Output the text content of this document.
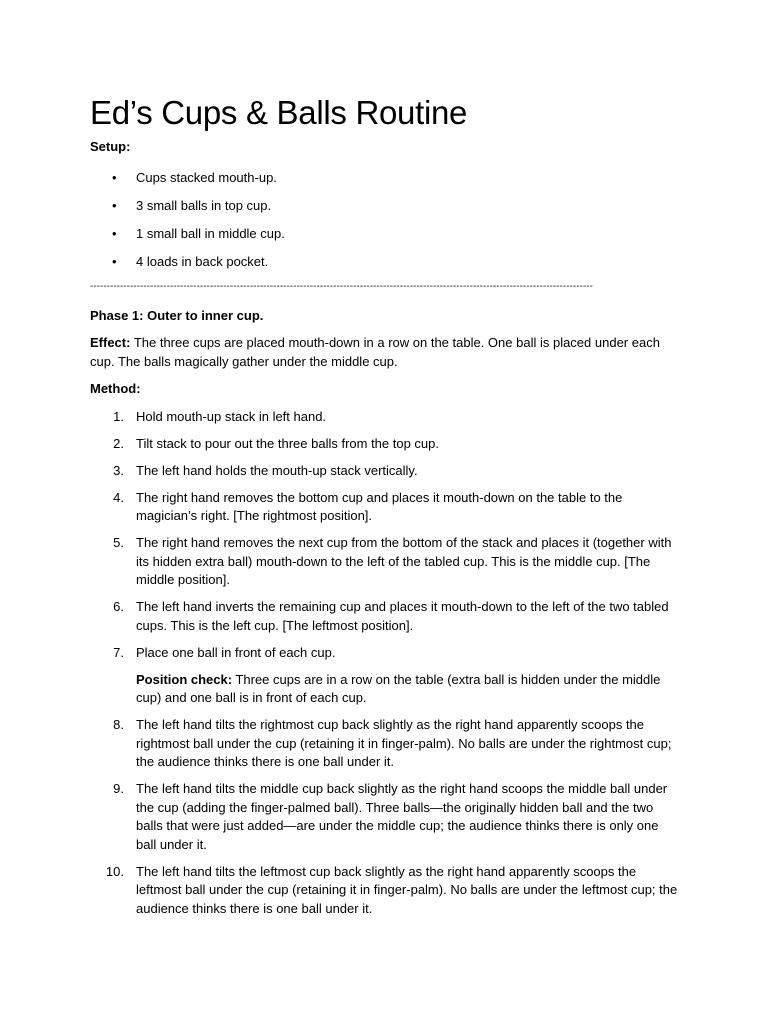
Ed’s Cups & Balls Routine

Setup:

• Cups stacked mouth-up.
• 3 small balls in top cup.
• 1 small ball in middle cup.
• 4 loads in back pocket.
-------------------------------------------------------------------------------------------------------------------------------------------------------

Phase 1: Outer to inner cup.

Effect: The three cups are placed mouth-down in a row on the table. One ball is placed under each cup. The balls magically gather under the middle cup.

Method:

1. Hold mouth-up stack in left hand.
2. Tilt stack to pour out the three balls from the top cup.
3. The left hand holds the mouth-up stack vertically.
4. The right hand removes the bottom cup and places it mouth-down on the table to the magician’s right. [The rightmost position].
5. The right hand removes the next cup from the bottom of the stack and places it (together with its hidden extra ball) mouth-down to the left of the tabled cup. This is the middle cup. [The middle position].
6. The left hand inverts the remaining cup and places it mouth-down to the left of the two tabled cups. This is the left cup. [The leftmost position].
7. Place one ball in front of each cup.

Position check: Three cups are in a row on the table (extra ball is hidden under the middle cup) and one ball is in front of each cup.

8. The left hand tilts the rightmost cup back slightly as the right hand apparently scoops the rightmost ball under the cup (retaining it in finger-palm). No balls are under the rightmost cup; the audience thinks there is one ball under it.
9. The left hand tilts the middle cup back slightly as the right hand scoops the middle ball under the cup (adding the finger-palmed ball). Three balls—the originally hidden ball and the two balls that were just added—are under the middle cup; the audience thinks there is only one ball under it.
10. The left hand tilts the leftmost cup back slightly as the right hand apparently scoops the leftmost ball under the cup (retaining it in finger-palm). No balls are under the leftmost cup; the audience thinks there is one ball under it.
